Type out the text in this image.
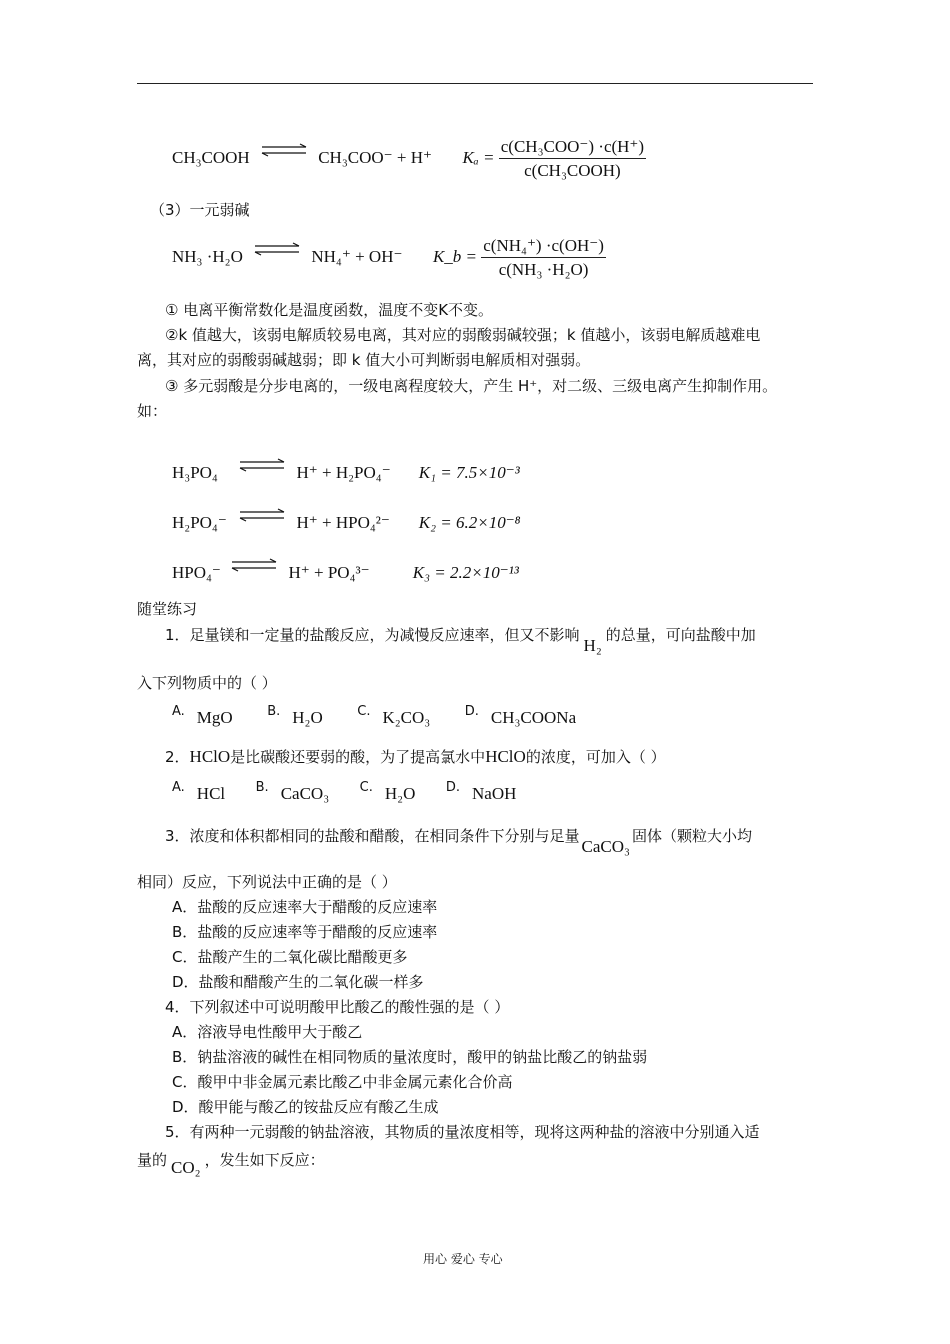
CH₃COOH ⇌ CH₃COO⁻ + H⁺ $K_a = \frac{\text{c(CH₃COO⁻) ·c(H⁺)}}{\text{c(CH₃COOH)}}$
（3）一元弱碱
NH₃ ·H₂O ⇌ NH₄⁺ + OH⁻ K_b = $\frac{\text{c(NH₄⁺) ·c(OH⁻)}}{\text{c(NH₃ ·H₂O)}}$
① 电离平衡常数化是温度函数，温度不变K不变。
②k 值越大，该弱电解质较易电离，其对应的弱酸弱碱较强；k 值越小，该弱电解质越难电
离，其对应的弱酸弱碱越弱；即 k 值大小可判断弱电解质相对强弱。
③ 多元弱酸是分步电离的，一级电离程度较大，产生 H⁺，对二级、三级电离产生抑制作用。
如：
H₃PO₄ ⇌ H⁺ + H₂PO₄⁻ K₁ = 7.5×10⁻³
H₂PO₄⁻ ⇌ H⁺ + HPO₄²⁻ K₂ = 6.2×10⁻⁸
HPO₄⁻ ⇌ H⁺ + PO₄³⁻	K₃ = 2.2×10⁻¹³
随堂练习
1．足量镁和一定量的盐酸反应，为减慢反应速率，但又不影响H₂的总量，可向盐酸中加
入下列物质中的（ ）
$^{A.}$ MgO	$^{B.}$ H₂O	$^{C.}$ K₂CO₃	$^{D.}$ CH₃COONa
2．HClO是比碳酸还要弱的酸，为了提高氯水中HClO的浓度，可加入（ ）
$^{A.}$ HCl $^{B.}$ CaCO₃ $^{C.}$ H₂O $^{D.}$ NaOH
3．浓度和体积都相同的盐酸和醋酸，在相同条件下分别与足量CaCO₃固体（颗粒大小均
相同）反应，下列说法中正确的是（ ）
A．盐酸的反应速率大于醋酸的反应速率
B．盐酸的反应速率等于醋酸的反应速率
C．盐酸产生的二氧化碳比醋酸更多
D．盐酸和醋酸产生的二氧化碳一样多
4．下列叙述中可说明酸甲比酸乙的酸性强的是（ ）
A．溶液导电性酸甲大于酸乙
B．钠盐溶液的碱性在相同物质的量浓度时，酸甲的钠盐比酸乙的钠盐弱
C．酸甲中非金属元素比酸乙中非金属元素化合价高
D．酸甲能与酸乙的铵盐反应有酸乙生成
5．有两种一元弱酸的钠盐溶液，其物质的量浓度相等，现将这两种盐的溶液中分别通入适
量的 CO₂ ，发生如下反应：
用心 爱心 专心
